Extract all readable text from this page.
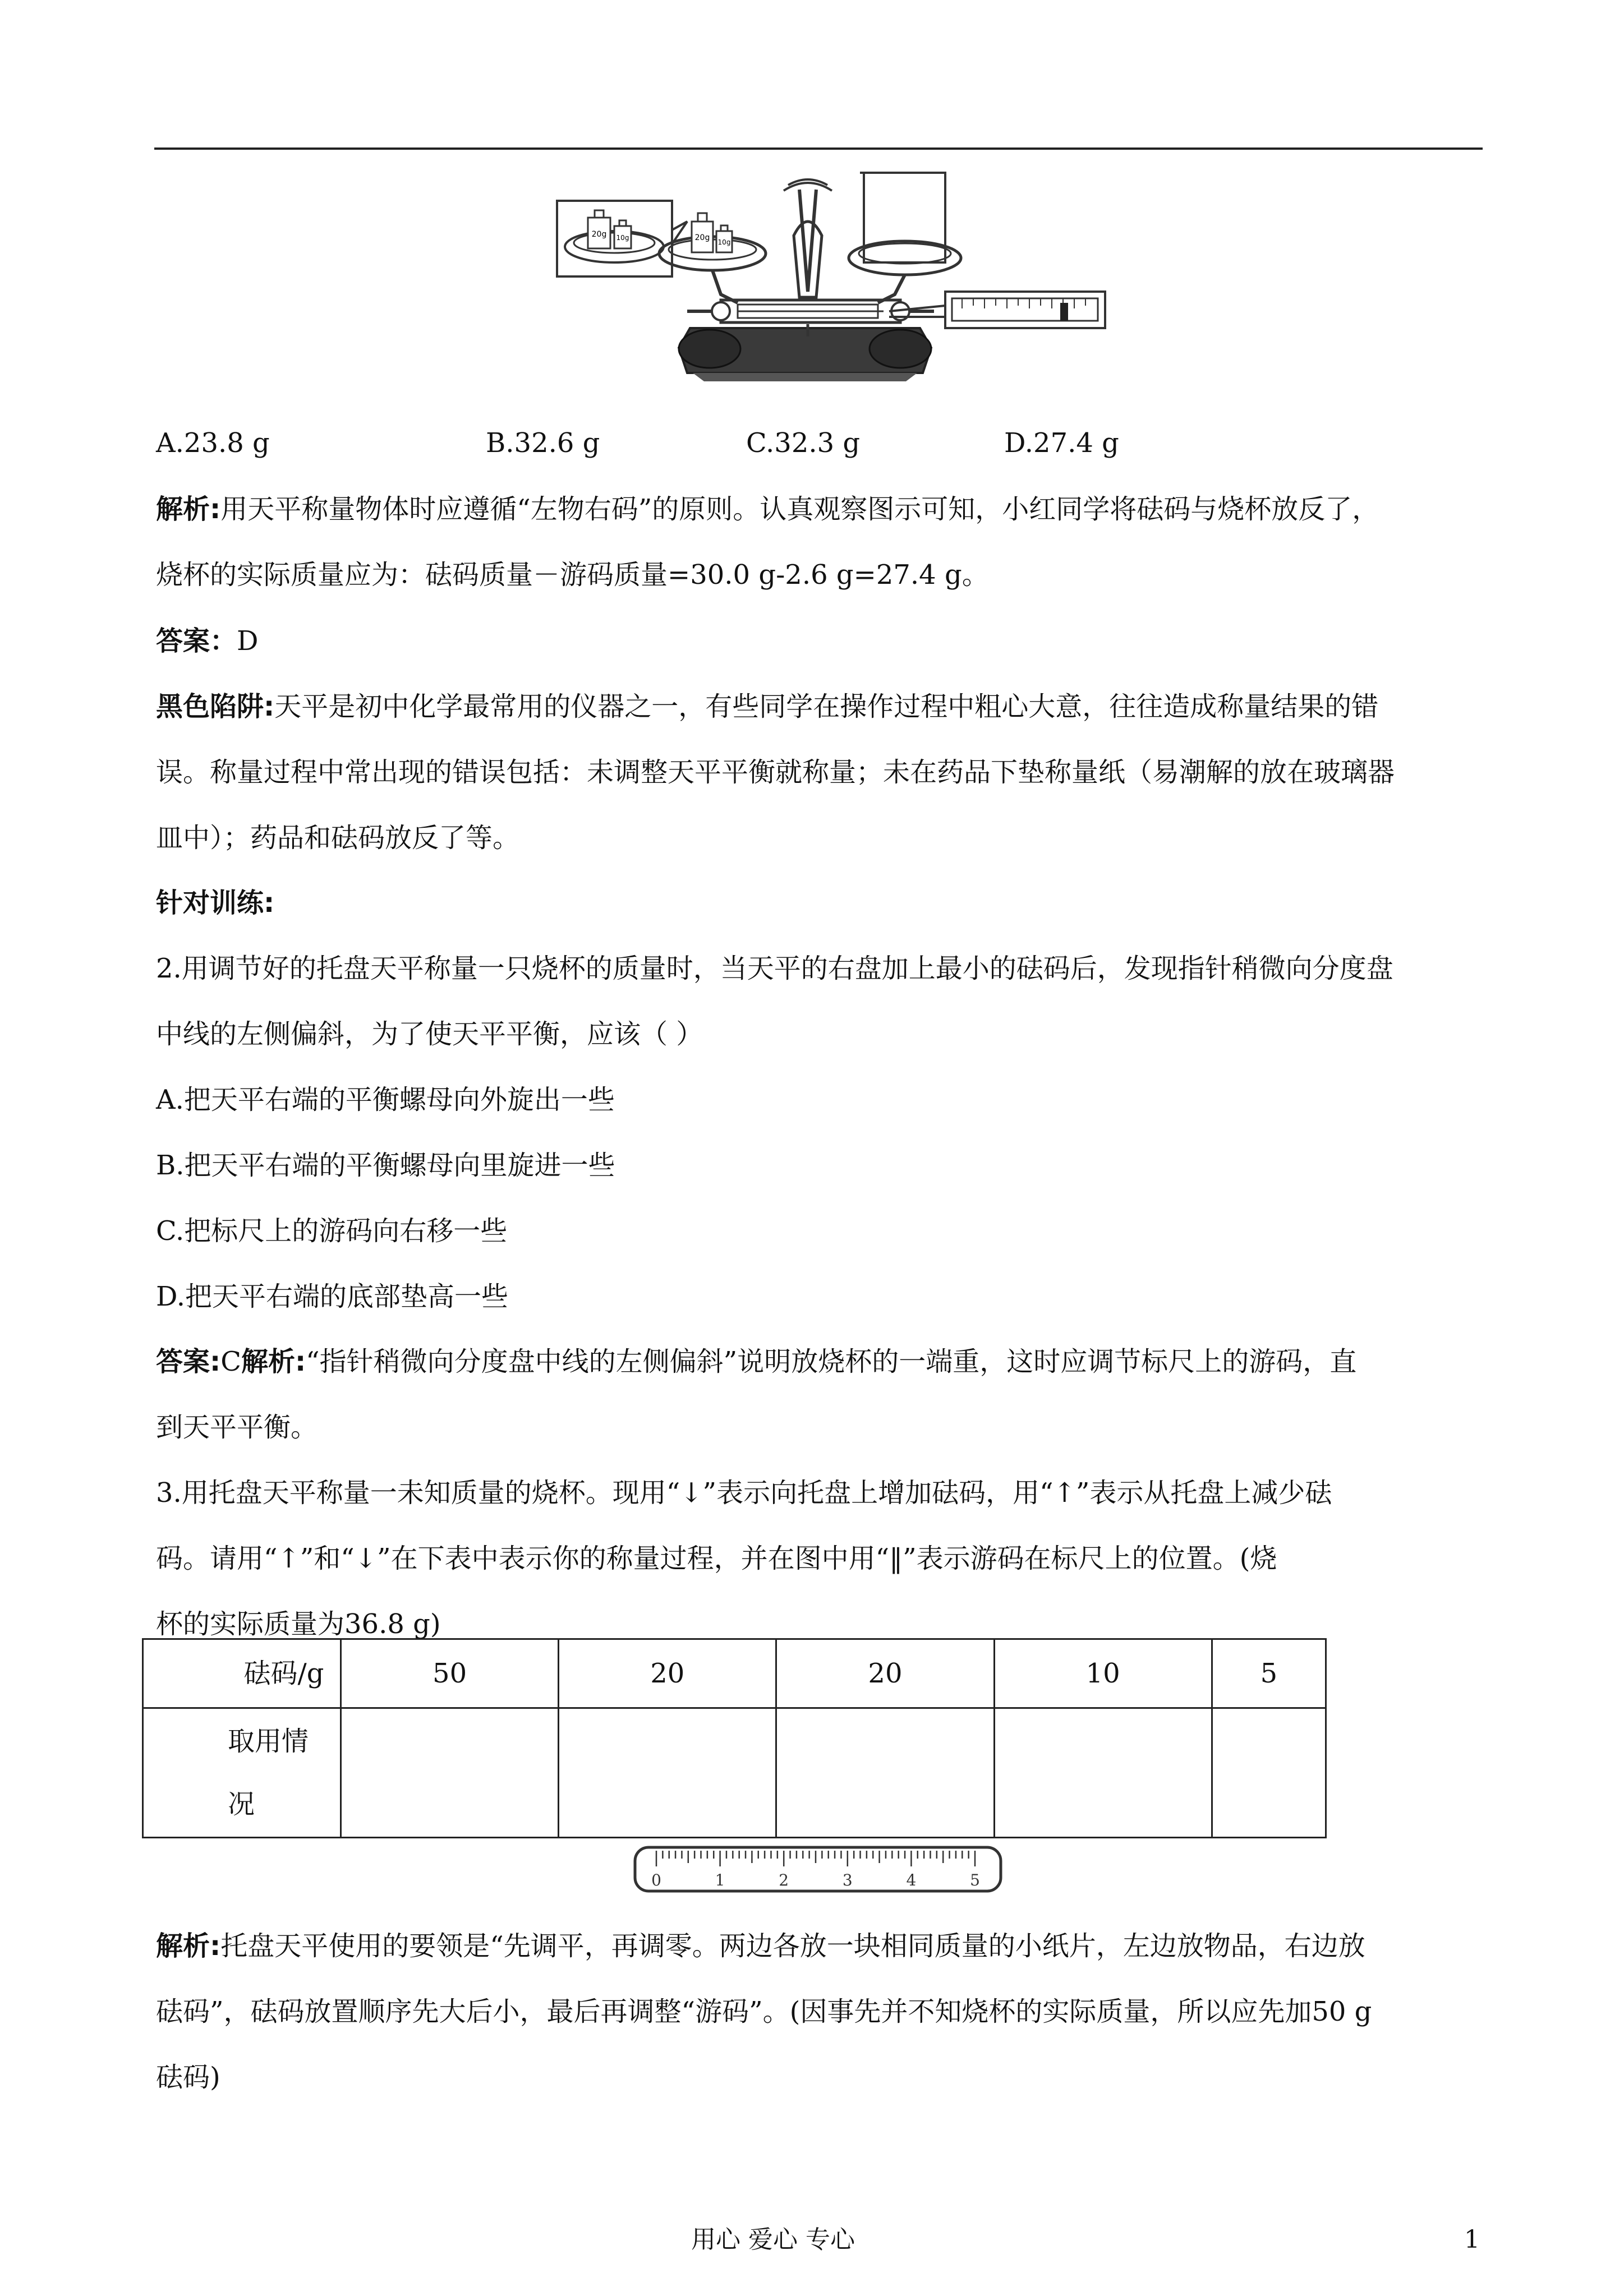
20g 10g	20g 10g
A.23.8 g	B.32.6 g	C.32.3 g	D.27.4 g
解析:用天平称量物体时应遵循“左物右码”的原则。认真观察图示可知，小红同学将砝码与烧杯放反了，
烧杯的实际质量应为：砝码质量－游码质量=30.0 g-2.6 g=27.4 g。
答案：D
黑色陷阱:天平是初中化学最常用的仪器之一，有些同学在操作过程中粗心大意，往往造成称量结果的错
误。称量过程中常出现的错误包括：未调整天平平衡就称量；未在药品下垫称量纸（易潮解的放在玻璃器
皿中）；药品和砝码放反了等。
针对训练:
2.用调节好的托盘天平称量一只烧杯的质量时，当天平的右盘加上最小的砝码后，发现指针稍微向分度盘
中线的左侧偏斜，为了使天平平衡，应该（ ）
A.把天平右端的平衡螺母向外旋出一些
B.把天平右端的平衡螺母向里旋进一些
C.把标尺上的游码向右移一些
D.把天平右端的底部垫高一些
答案:C解析:“指针稍微向分度盘中线的左侧偏斜”说明放烧杯的一端重，这时应调节标尺上的游码，直
到天平平衡。
3.用托盘天平称量一未知质量的烧杯。现用“↓”表示向托盘上增加砝码，用“↑”表示从托盘上减少砝
码。请用“↑”和“↓”在下表中表示你的称量过程，并在图中用“‖”表示游码在标尺上的位置。(烧
杯的实际质量为36.8 g)
砝码/g	50	20	20	10	5

取用情
况					

0	1	2	3	4	5
解析:托盘天平使用的要领是“先调平，再调零。两边各放一块相同质量的小纸片，左边放物品，右边放
砝码”，砝码放置顺序先大后小，最后再调整“游码”。(因事先并不知烧杯的实际质量，所以应先加50 g
砝码)
用心 爱心 专心	1
